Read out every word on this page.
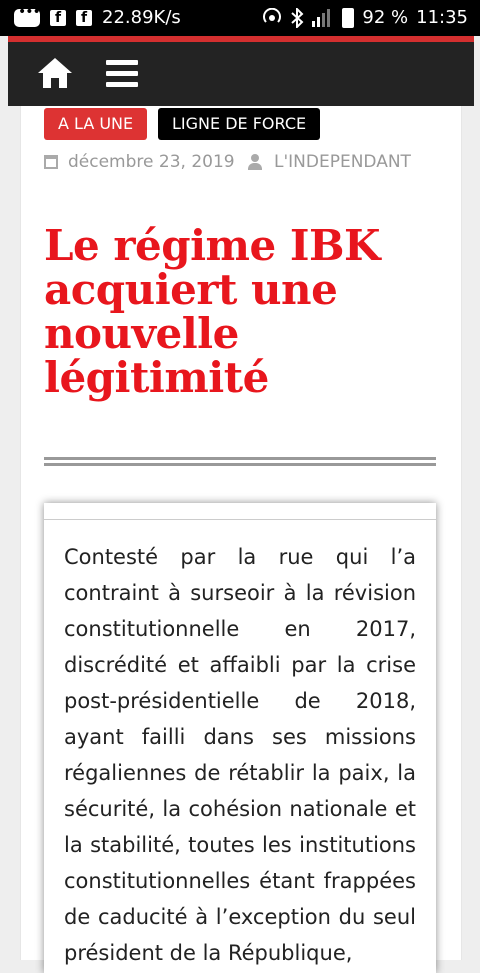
•••
f	f 22.89K/s	92 % 11:35
A LA UNE	LIGNE DE FORCE
décembre 23, 2019 L'INDEPENDANT
Le régime IBK acquiert une nouvelle légitimité

Contesté par la rue qui l’a contraint à surseoir à la révision constitutionnelle en 2017, discrédité et affaibli par la crise post-présidentielle de 2018, ayant failli dans ses missions régaliennes de rétablir la paix, la sécurité, la cohésion nationale et la stabilité, toutes les institutions constitutionnelles étant frappées de caducité à l’exception du seul président de la République,
